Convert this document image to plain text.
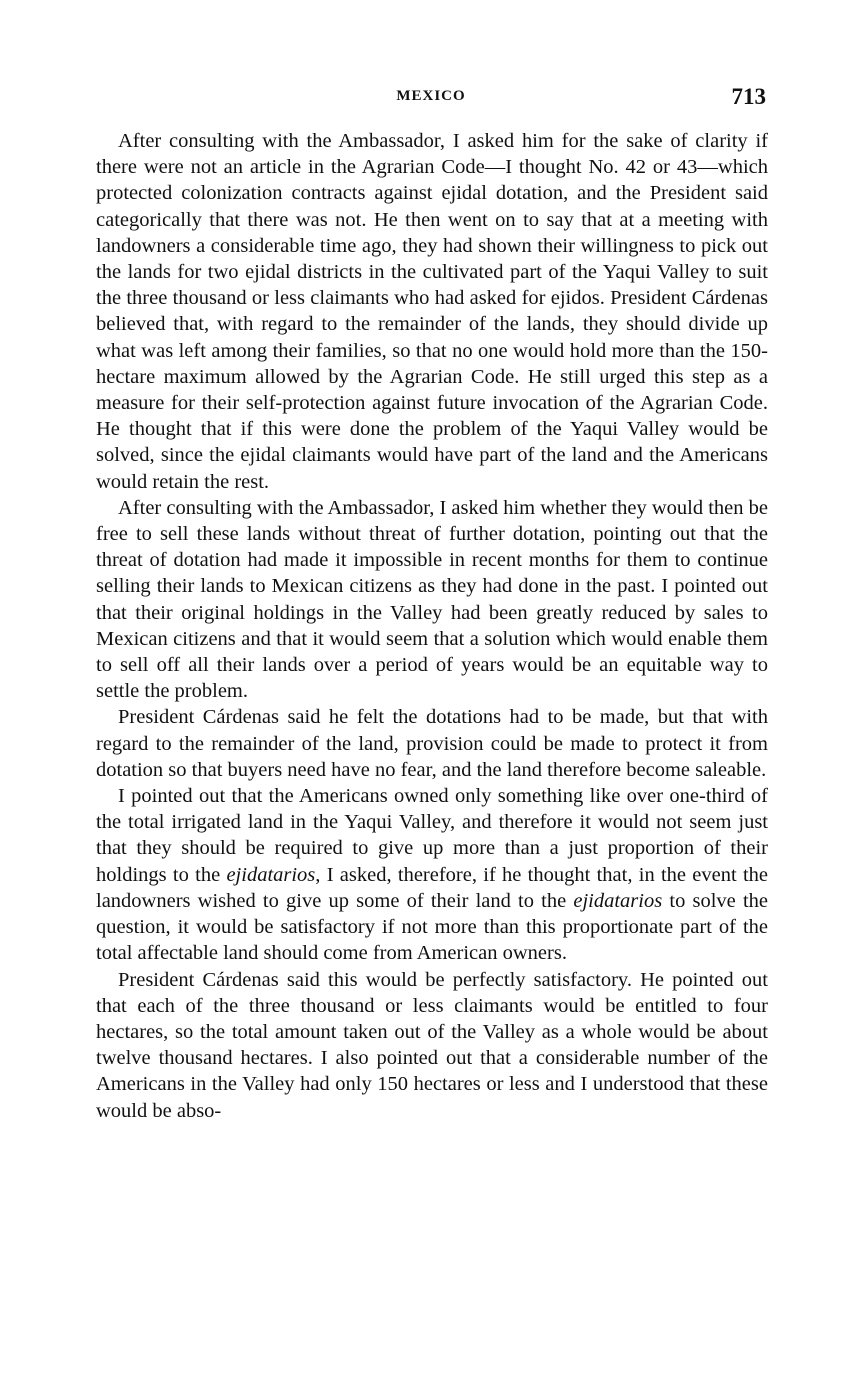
MEXICO	713

After consulting with the Ambassador, I asked him for the sake of clarity if there were not an article in the Agrarian Code—I thought No. 42 or 43—which protected colonization contracts against ejidal dotation, and the President said categorically that there was not. He then went on to say that at a meeting with landowners a considerable time ago, they had shown their willingness to pick out the lands for two ejidal districts in the cultivated part of the Yaqui Valley to suit the three thousand or less claimants who had asked for ejidos. President Cárdenas believed that, with regard to the remainder of the lands, they should divide up what was left among their families, so that no one would hold more than the 150-hectare maximum allowed by the Agrarian Code. He still urged this step as a measure for their self-protection against future invocation of the Agrarian Code. He thought that if this were done the problem of the Yaqui Valley would be solved, since the ejidal claimants would have part of the land and the Americans would retain the rest.

After consulting with the Ambassador, I asked him whether they would then be free to sell these lands without threat of further dotation, pointing out that the threat of dotation had made it impossible in recent months for them to continue selling their lands to Mexican citizens as they had done in the past. I pointed out that their original holdings in the Valley had been greatly reduced by sales to Mexican citizens and that it would seem that a solution which would enable them to sell off all their lands over a period of years would be an equitable way to settle the problem.

President Cárdenas said he felt the dotations had to be made, but that with regard to the remainder of the land, provision could be made to protect it from dotation so that buyers need have no fear, and the land therefore become saleable.

I pointed out that the Americans owned only something like over one-third of the total irrigated land in the Yaqui Valley, and therefore it would not seem just that they should be required to give up more than a just proportion of their holdings to the ejidatarios, I asked, therefore, if he thought that, in the event the landowners wished to give up some of their land to the ejidatarios to solve the question, it would be satisfactory if not more than this proportionate part of the total affectable land should come from American owners.

President Cárdenas said this would be perfectly satisfactory. He pointed out that each of the three thousand or less claimants would be entitled to four hectares, so the total amount taken out of the Valley as a whole would be about twelve thousand hectares. I also pointed out that a considerable number of the Americans in the Valley had only 150 hectares or less and I understood that these would be abso-
